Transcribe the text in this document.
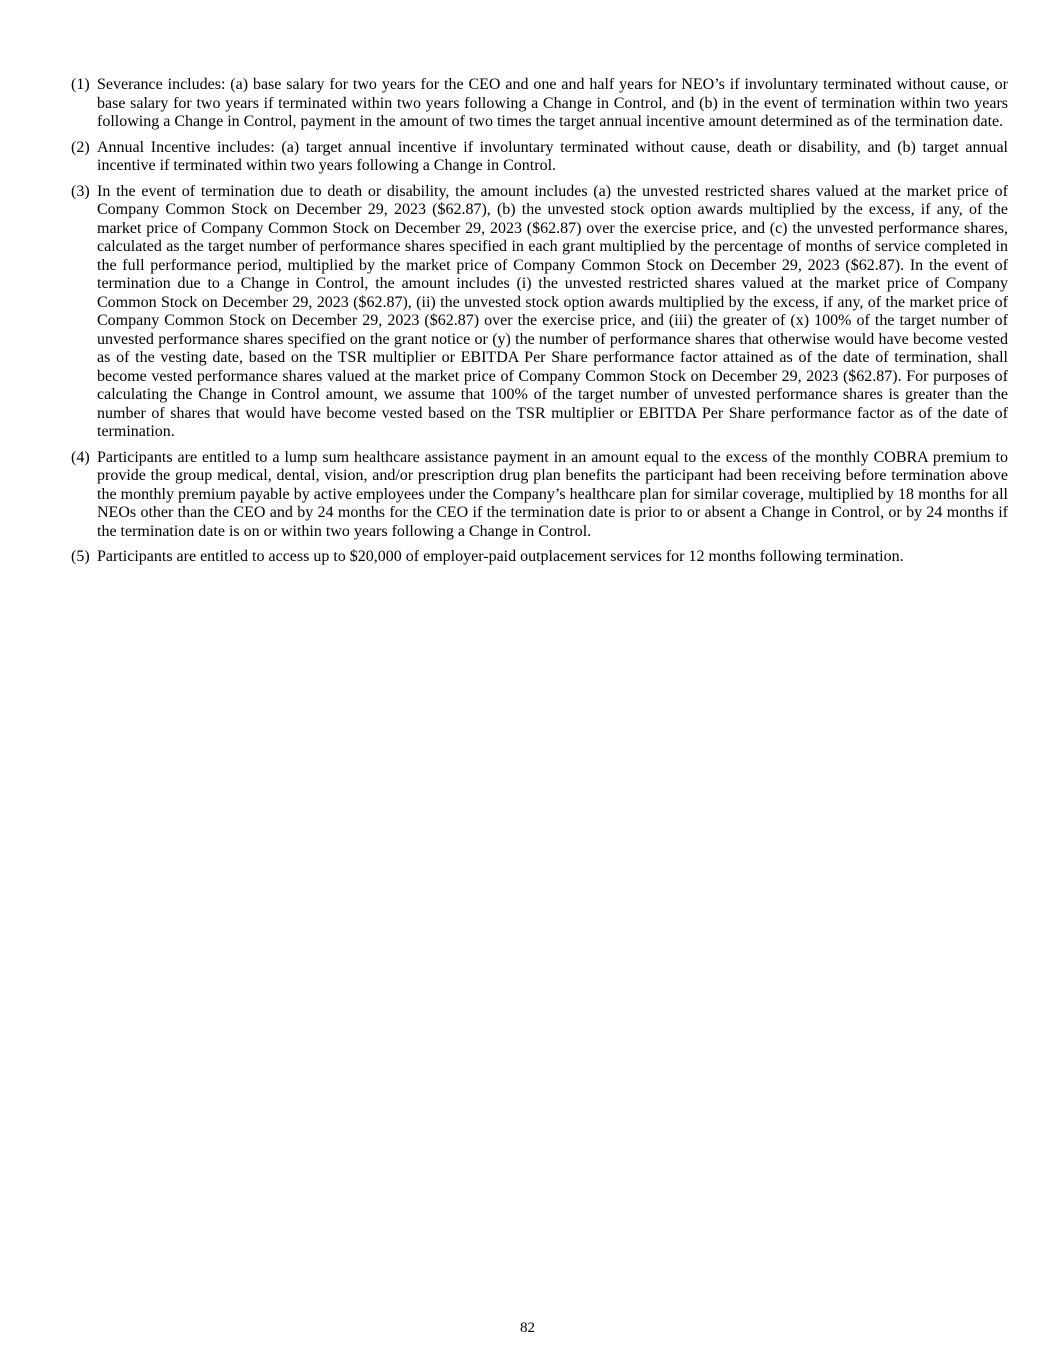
(1) Severance includes: (a) base salary for two years for the CEO and one and half years for NEO’s if involuntary terminated without cause, or base salary for two years if terminated within two years following a Change in Control, and (b) in the event of termination within two years following a Change in Control, payment in the amount of two times the target annual incentive amount determined as of the termination date.
(2) Annual Incentive includes: (a) target annual incentive if involuntary terminated without cause, death or disability, and (b) target annual incentive if terminated within two years following a Change in Control.
(3) In the event of termination due to death or disability, the amount includes (a) the unvested restricted shares valued at the market price of Company Common Stock on December 29, 2023 ($62.87), (b) the unvested stock option awards multiplied by the excess, if any, of the market price of Company Common Stock on December 29, 2023 ($62.87) over the exercise price, and (c) the unvested performance shares, calculated as the target number of performance shares specified in each grant multiplied by the percentage of months of service completed in the full performance period, multiplied by the market price of Company Common Stock on December 29, 2023 ($62.87). In the event of termination due to a Change in Control, the amount includes (i) the unvested restricted shares valued at the market price of Company Common Stock on December 29, 2023 ($62.87), (ii) the unvested stock option awards multiplied by the excess, if any, of the market price of Company Common Stock on December 29, 2023 ($62.87) over the exercise price, and (iii) the greater of (x) 100% of the target number of unvested performance shares specified on the grant notice or (y) the number of performance shares that otherwise would have become vested as of the vesting date, based on the TSR multiplier or EBITDA Per Share performance factor attained as of the date of termination, shall become vested performance shares valued at the market price of Company Common Stock on December 29, 2023 ($62.87). For purposes of calculating the Change in Control amount, we assume that 100% of the target number of unvested performance shares is greater than the number of shares that would have become vested based on the TSR multiplier or EBITDA Per Share performance factor as of the date of termination.
(4) Participants are entitled to a lump sum healthcare assistance payment in an amount equal to the excess of the monthly COBRA premium to provide the group medical, dental, vision, and/or prescription drug plan benefits the participant had been receiving before termination above the monthly premium payable by active employees under the Company’s healthcare plan for similar coverage, multiplied by 18 months for all NEOs other than the CEO and by 24 months for the CEO if the termination date is prior to or absent a Change in Control, or by 24 months if the termination date is on or within two years following a Change in Control.
(5) Participants are entitled to access up to $20,000 of employer-paid outplacement services for 12 months following termination.
82
